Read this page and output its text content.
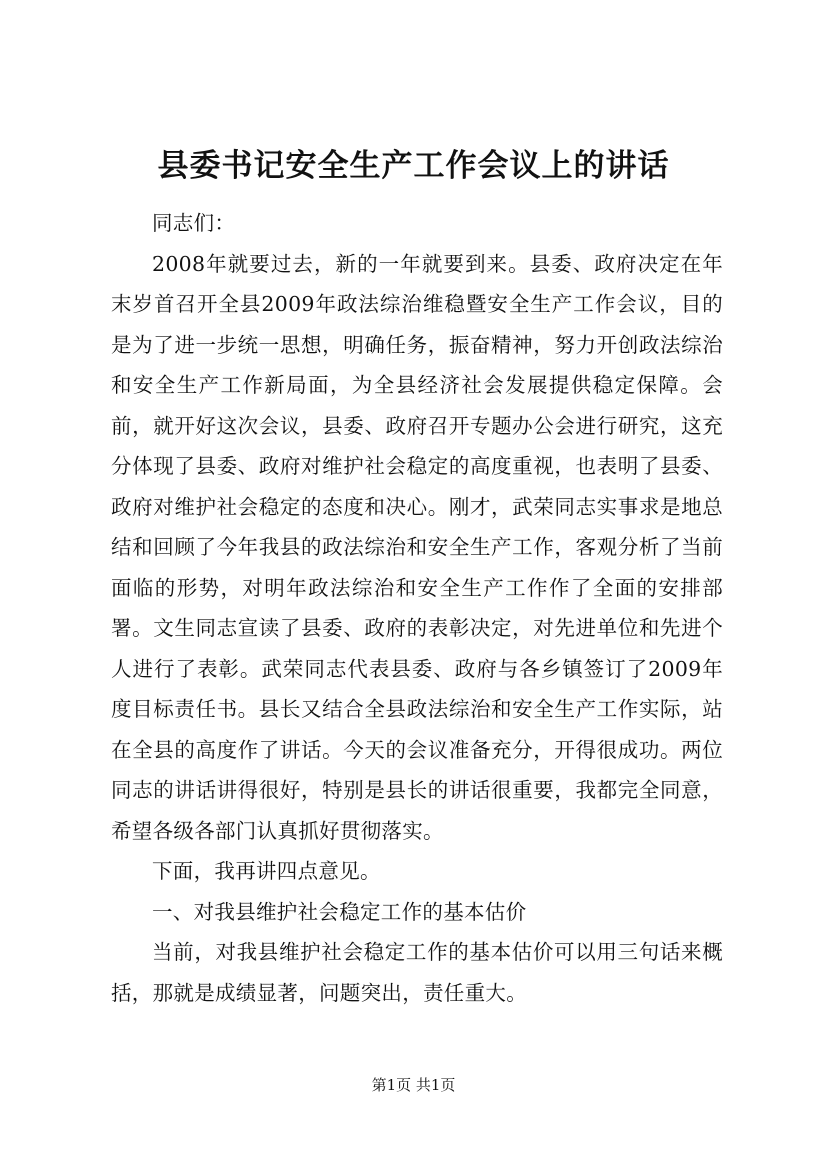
县委书记安全生产工作会议上的讲话

同志们：

2008年就要过去，新的一年就要到来。县委、政府决定在年末岁首召开全县2009年政法综治维稳暨安全生产工作会议，目的是为了进一步统一思想，明确任务，振奋精神，努力开创政法综治和安全生产工作新局面，为全县经济社会发展提供稳定保障。会前，就开好这次会议，县委、政府召开专题办公会进行研究，这充分体现了县委、政府对维护社会稳定的高度重视，也表明了县委、政府对维护社会稳定的态度和决心。刚才，武荣同志实事求是地总结和回顾了今年我县的政法综治和安全生产工作，客观分析了当前面临的形势，对明年政法综治和安全生产工作作了全面的安排部署。文生同志宣读了县委、政府的表彰决定，对先进单位和先进个人进行了表彰。武荣同志代表县委、政府与各乡镇签订了2009年度目标责任书。县长又结合全县政法综治和安全生产工作实际，站在全县的高度作了讲话。今天的会议准备充分，开得很成功。两位同志的讲话讲得很好，特别是县长的讲话很重要，我都完全同意，希望各级各部门认真抓好贯彻落实。

下面，我再讲四点意见。

一、对我县维护社会稳定工作的基本估价

当前，对我县维护社会稳定工作的基本估价可以用三句话来概括，那就是成绩显著，问题突出，责任重大。

第1页 共1页
